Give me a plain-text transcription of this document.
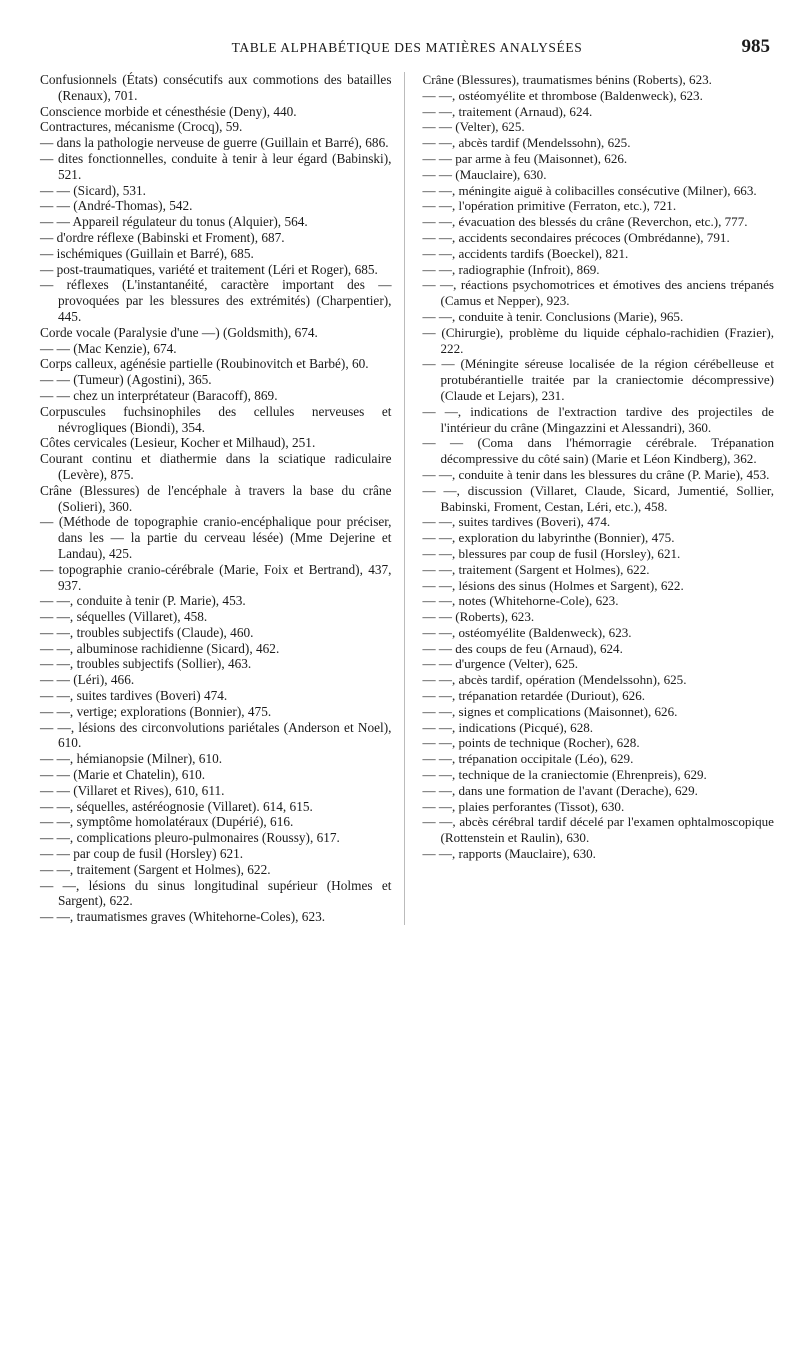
TABLE ALPHABÉTIQUE DES MATIÈRES ANALYSÉES	985

Confusionnels (États) consécutifs aux commotions des batailles (Renaux), 701.

Conscience morbide et cénesthésie (Deny), 440.

Contractures, mécanisme (Crocq), 59.

— dans la pathologie nerveuse de guerre (Guillain et Barré), 686.

— dites fonctionnelles, conduite à tenir à leur égard (Babinski), 521.

— — (Sicard), 531.

— — (André-Thomas), 542.

— — Appareil régulateur du tonus (Alquier), 564.

— d'ordre réflexe (Babinski et Froment), 687.

— ischémiques (Guillain et Barré), 685.

— post-traumatiques, variété et traitement (Léri et Roger), 685.

— réflexes (L'instantanéité, caractère important des — provoquées par les blessures des extrémités) (Charpentier), 445.

Corde vocale (Paralysie d'une —) (Goldsmith), 674.

— — (Mac Kenzie), 674.

Corps calleux, agénésie partielle (Roubinovitch et Barbé), 60.

— — (Tumeur) (Agostini), 365.

— — chez un interprétateur (Baracoff), 869.

Corpuscules fuchsinophiles des cellules nerveuses et névrogliques (Biondi), 354.

Côtes cervicales (Lesieur, Kocher et Milhaud), 251.

Courant continu et diathermie dans la sciatique radiculaire (Levère), 875.

Crâne (Blessures) de l'encéphale à travers la base du crâne (Solieri), 360.

— (Méthode de topographie cranio-encéphalique pour préciser, dans les — la partie du cerveau lésée) (Mme Dejerine et Landau), 425.

— topographie cranio-cérébrale (Marie, Foix et Bertrand), 437, 937.

— —, conduite à tenir (P. Marie), 453.

— —, séquelles (Villaret), 458.

— —, troubles subjectifs (Claude), 460.

— —, albuminose rachidienne (Sicard), 462.

— —, troubles subjectifs (Sollier), 463.

— — (Léri), 466.

— —, suites tardives (Boveri) 474.

— —, vertige; explorations (Bonnier), 475.

— —, lésions des circonvolutions pariétales (Anderson et Noel), 610.

— —, hémianopsie (Milner), 610.

— — (Marie et Chatelin), 610.

— — (Villaret et Rives), 610, 611.

— —, séquelles, astéréognosie (Villaret). 614, 615.

— —, symptôme homolatéraux (Dupérié), 616.

— —, complications pleuro-pulmonaires (Roussy), 617.

— — par coup de fusil (Horsley) 621.

— —, traitement (Sargent et Holmes), 622.

— —, lésions du sinus longitudinal supérieur (Holmes et Sargent), 622.

— —, traumatismes graves (Whitehorne-Coles), 623.

Crâne (Blessures), traumatismes bénins (Roberts), 623.

— —, ostéomyélite et thrombose (Baldenweck), 623.

— —, traitement (Arnaud), 624.

— — (Velter), 625.

— —, abcès tardif (Mendelssohn), 625.

— — par arme à feu (Maisonnet), 626.

— — (Mauclaire), 630.

— —, méningite aiguë à colibacilles consécutive (Milner), 663.

— —, l'opération primitive (Ferraton, etc.), 721.

— —, évacuation des blessés du crâne (Reverchon, etc.), 777.

— —, accidents secondaires précoces (Ombrédanne), 791.

— —, accidents tardifs (Boeckel), 821.

— —, radiographie (Infroit), 869.

— —, réactions psychomotrices et émotives des anciens trépanés (Camus et Nepper), 923.

— —, conduite à tenir. Conclusions (Marie), 965.

— (Chirurgie), problème du liquide céphalo-rachidien (Frazier), 222.

— — (Méningite séreuse localisée de la région cérébelleuse et protubérantielle traitée par la craniectomie décompressive) (Claude et Lejars), 231.

— —, indications de l'extraction tardive des projectiles de l'intérieur du crâne (Mingazzini et Alessandri), 360.

— — (Coma dans l'hémorragie cérébrale. Trépanation décompressive du côté sain) (Marie et Léon Kindberg), 362.

— —, conduite à tenir dans les blessures du crâne (P. Marie), 453.

— —, discussion (Villaret, Claude, Sicard, Jumentié, Sollier, Babinski, Froment, Cestan, Léri, etc.), 458.

— —, suites tardives (Boveri), 474.

— —, exploration du labyrinthe (Bonnier), 475.

— —, blessures par coup de fusil (Horsley), 621.

— —, traitement (Sargent et Holmes), 622.

— —, lésions des sinus (Holmes et Sargent), 622.

— —, notes (Whitehorne-Cole), 623.

— — (Roberts), 623.

— —, ostéomyélite (Baldenweck), 623.

— — des coups de feu (Arnaud), 624.

— — d'urgence (Velter), 625.

— —, abcès tardif, opération (Mendelssohn), 625.

— —, trépanation retardée (Duriout), 626.

— —, signes et complications (Maisonnet), 626.

— —, indications (Picqué), 628.

— —, points de technique (Rocher), 628.

— —, trépanation occipitale (Léo), 629.

— —, technique de la craniectomie (Ehrenpreis), 629.

— —, dans une formation de l'avant (Derache), 629.

— —, plaies perforantes (Tissot), 630.

— —, abcès cérébral tardif décelé par l'examen ophtalmoscopique (Rottenstein et Raulin), 630.

— —, rapports (Mauclaire), 630.
